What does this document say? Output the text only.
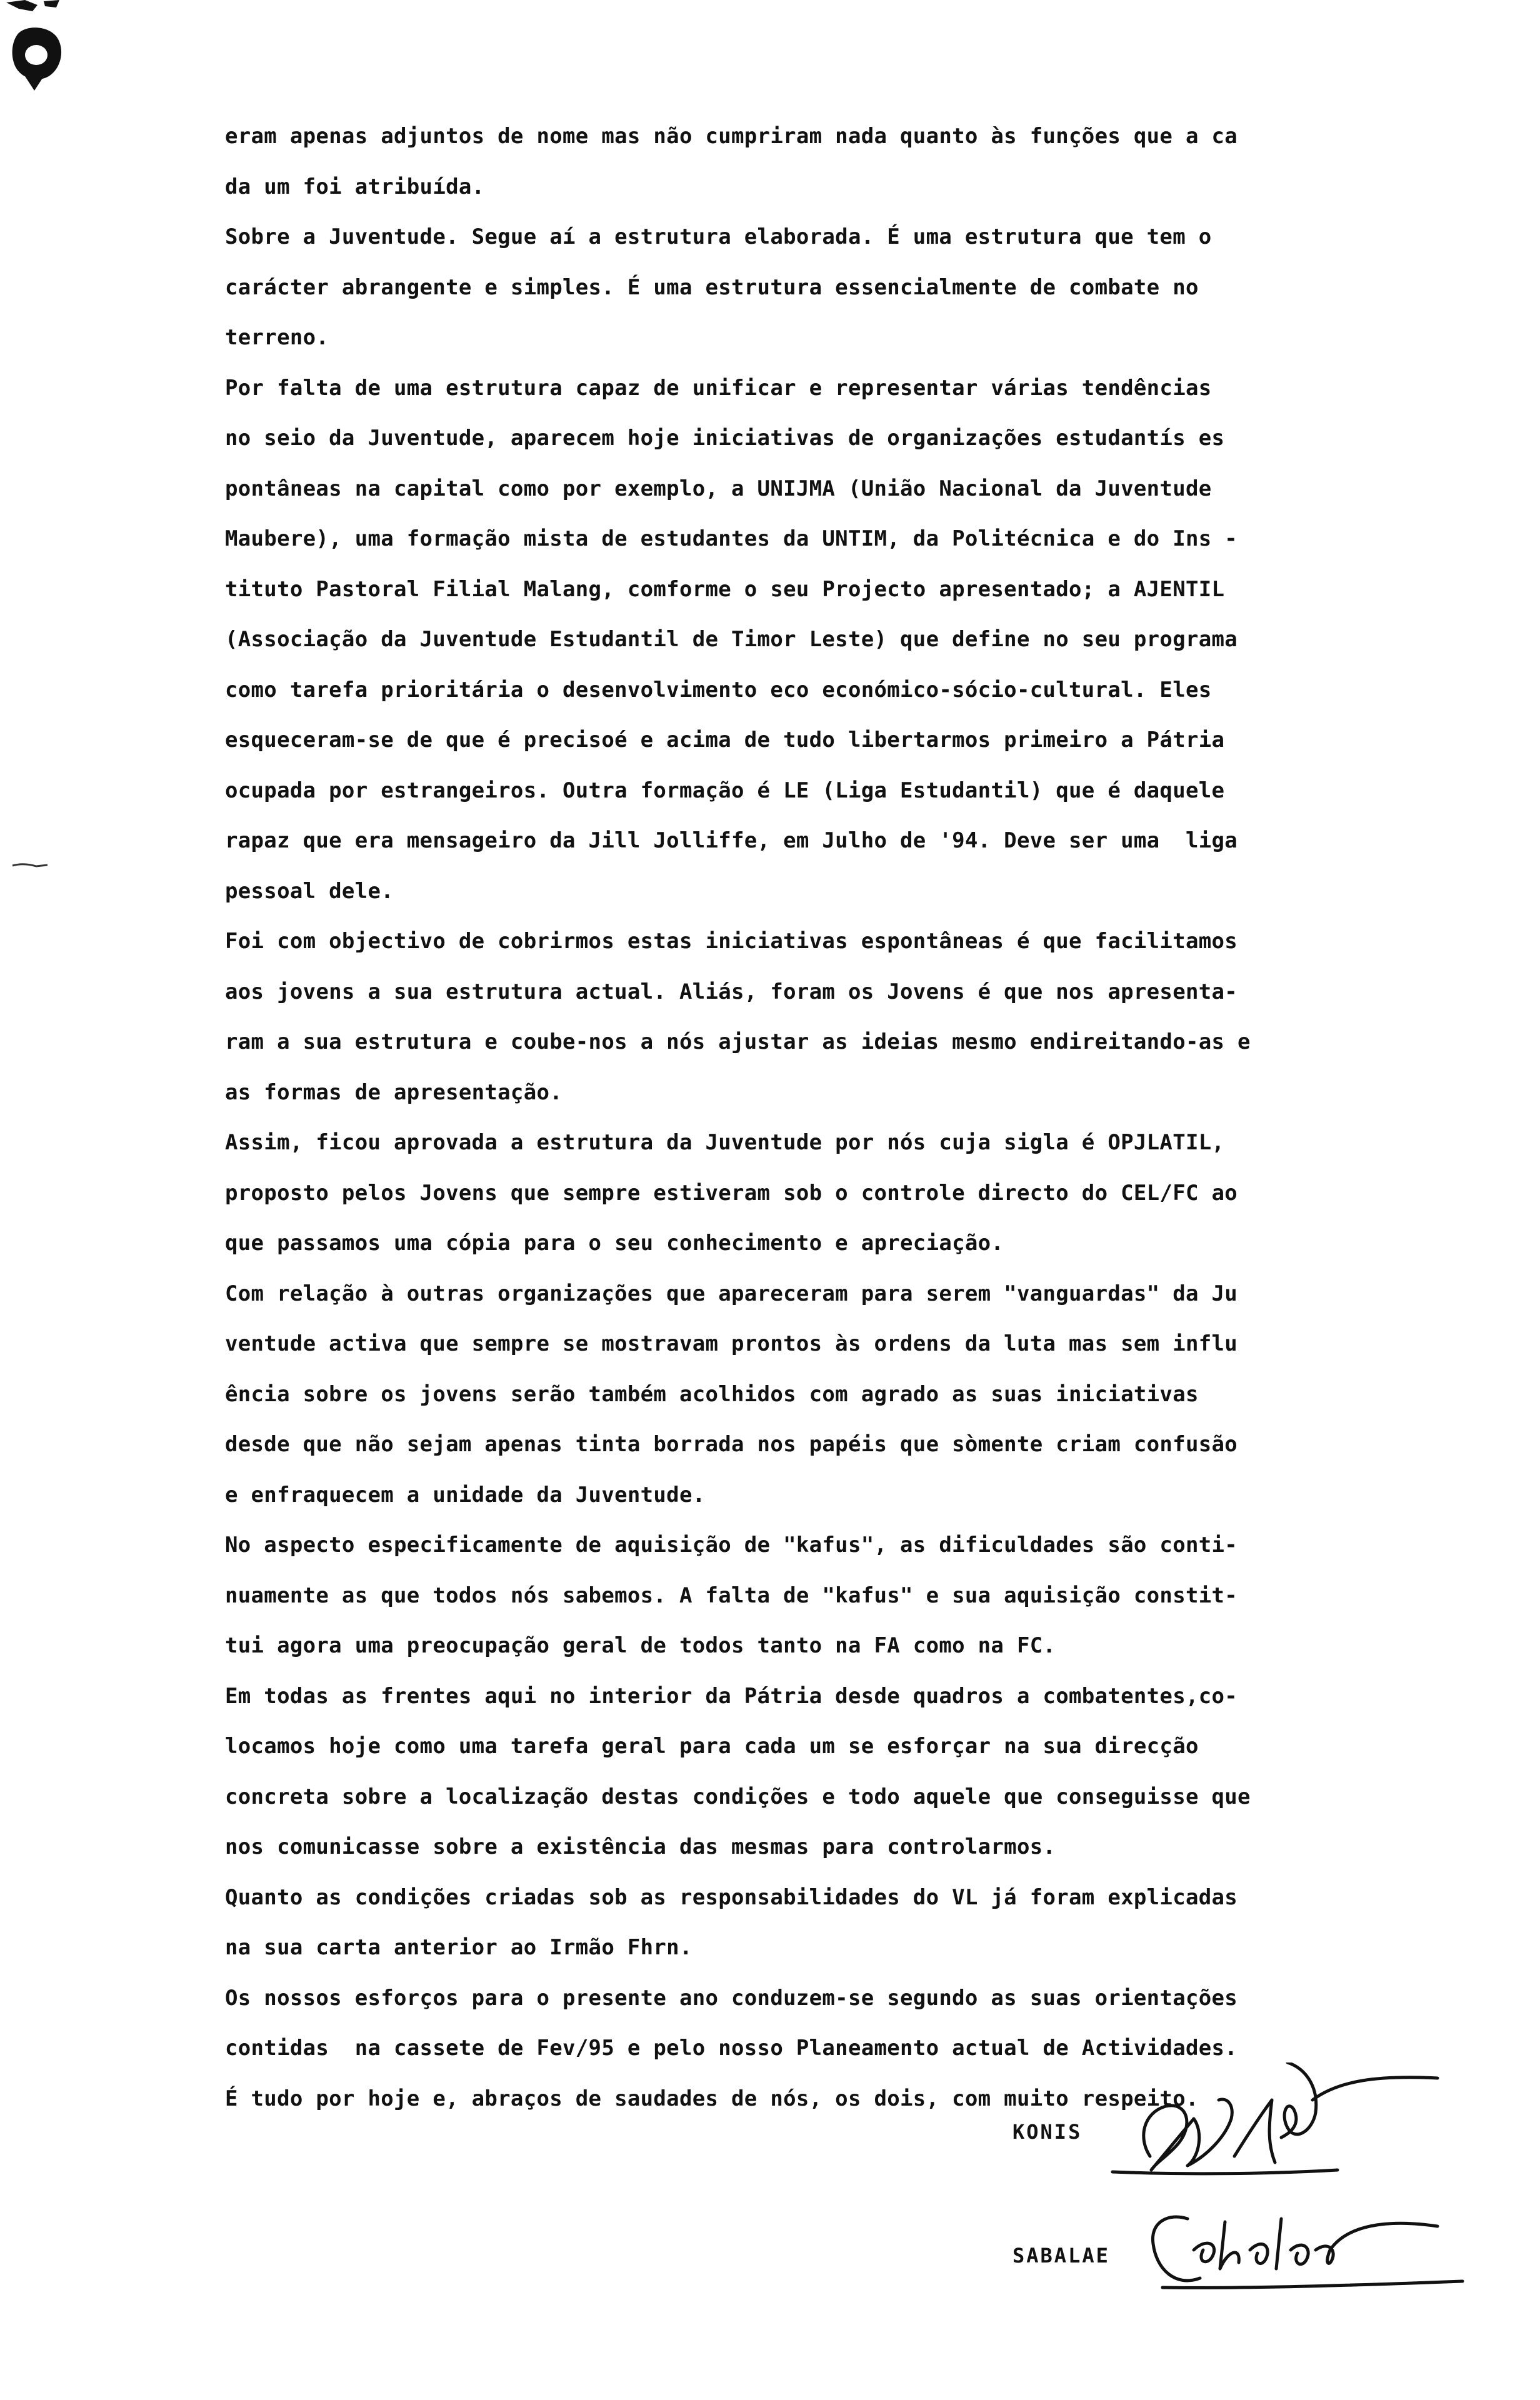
eram apenas adjuntos de nome mas não cumpriram nada quanto às funções que a ca
da um foi atribuída.
Sobre a Juventude. Segue aí a estrutura elaborada. É uma estrutura que tem o
carácter abrangente e simples. É uma estrutura essencialmente de combate no
terreno.
Por falta de uma estrutura capaz de unificar e representar várias tendências
no seio da Juventude, aparecem hoje iniciativas de organizações estudantís es
pontâneas na capital como por exemplo, a UNIJMA (União Nacional da Juventude
Maubere), uma formação mista de estudantes da UNTIM, da Politécnica e do Ins -
tituto Pastoral Filial Malang, comforme o seu Projecto apresentado; a AJENTIL
(Associação da Juventude Estudantil de Timor Leste) que define no seu programa
como tarefa prioritária o desenvolvimento eco económico-sócio-cultural. Eles
esqueceram-se de que é precisoé e acima de tudo libertarmos primeiro a Pátria
ocupada por estrangeiros. Outra formação é LE (Liga Estudantil) que é daquele
rapaz que era mensageiro da Jill Jolliffe, em Julho de '94. Deve ser uma  liga
pessoal dele.
Foi com objectivo de cobrirmos estas iniciativas espontâneas é que facilitamos
aos jovens a sua estrutura actual. Aliás, foram os Jovens é que nos apresenta-
ram a sua estrutura e coube-nos a nós ajustar as ideias mesmo endireitando-as e
as formas de apresentação.
Assim, ficou aprovada a estrutura da Juventude por nós cuja sigla é OPJLATIL,
proposto pelos Jovens que sempre estiveram sob o controle directo do CEL/FC ao
que passamos uma cópia para o seu conhecimento e apreciação.
Com relação à outras organizações que apareceram para serem "vanguardas" da Ju
ventude activa que sempre se mostravam prontos às ordens da luta mas sem influ
ência sobre os jovens serão também acolhidos com agrado as suas iniciativas
desde que não sejam apenas tinta borrada nos papéis que sòmente criam confusão
e enfraquecem a unidade da Juventude.
No aspecto especificamente de aquisição de "kafus", as dificuldades são conti-
nuamente as que todos nós sabemos. A falta de "kafus" e sua aquisição constit-
tui agora uma preocupação geral de todos tanto na FA como na FC.
Em todas as frentes aqui no interior da Pátria desde quadros a combatentes,co-
locamos hoje como uma tarefa geral para cada um se esforçar na sua direcção
concreta sobre a localização destas condições e todo aquele que conseguisse que
nos comunicasse sobre a existência das mesmas para controlarmos.
Quanto as condições criadas sob as responsabilidades do VL já foram explicadas
na sua carta anterior ao Irmão Fhrn.
Os nossos esforços para o presente ano conduzem-se segundo as suas orientações
contidas  na cassete de Fev/95 e pelo nosso Planeamento actual de Actividades.
É tudo por hoje e, abraços de saudades de nós, os dois, com muito respeito.
KONIS
SABALAE
